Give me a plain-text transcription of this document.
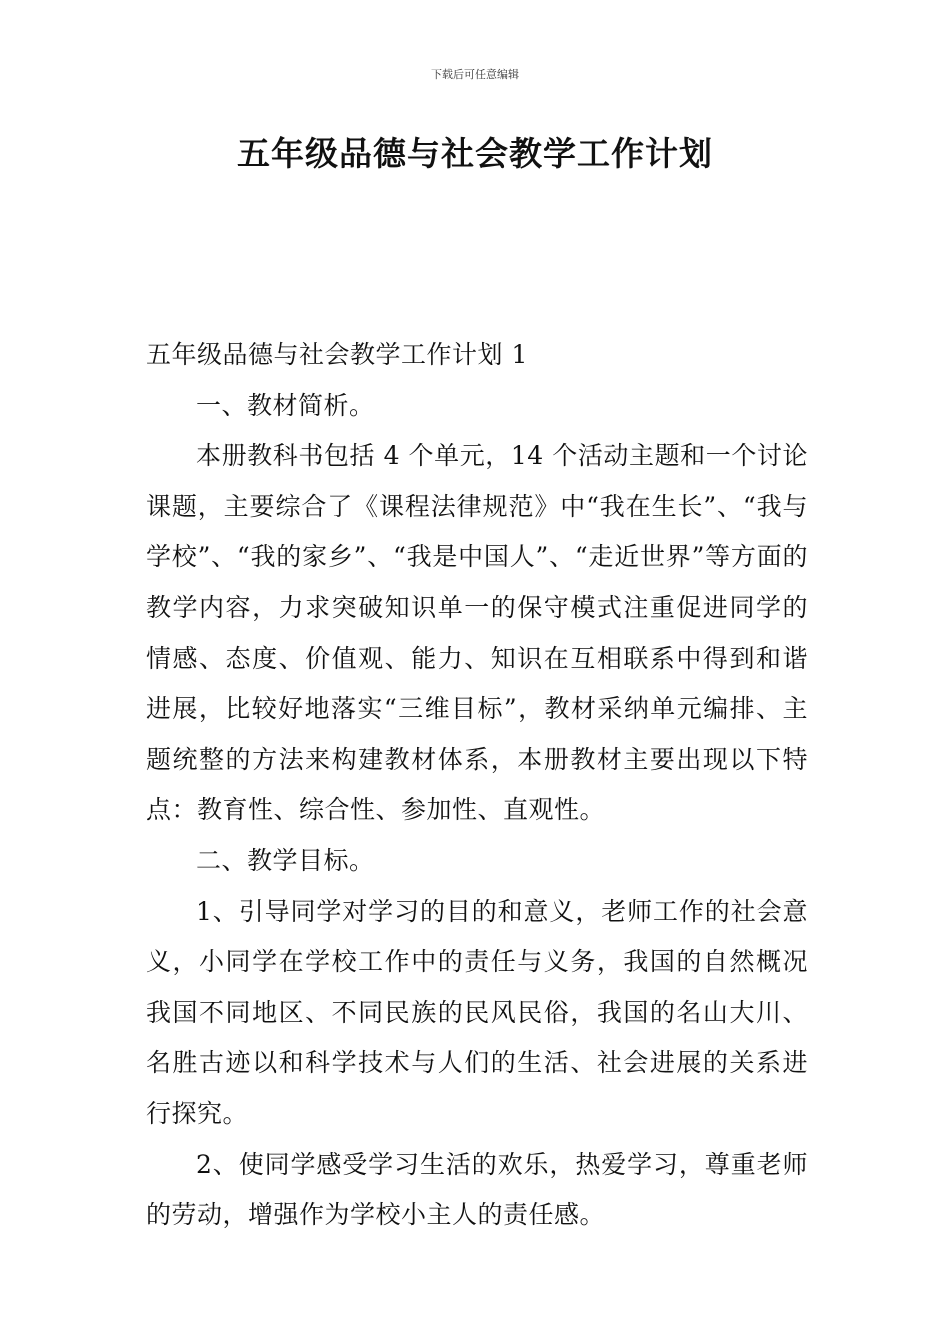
下载后可任意编辑
五年级品德与社会教学工作计划

五年级品德与社会教学工作计划 1

一、教材简析。

本册教科书包括 4 个单元，14 个活动主题和一个讨论课题，主要综合了《课程法律规范》中“我在生长”、“我与学校”、“我的家乡”、“我是中国人”、“走近世界”等方面的教学内容，力求突破知识单一的保守模式注重促进同学的情感、态度、价值观、能力、知识在互相联系中得到和谐进展，比较好地落实“三维目标”，教材采纳单元编排、主题统整的方法来构建教材体系，本册教材主要出现以下特点：教育性、综合性、参加性、直观性。

二、教学目标。

1、引导同学对学习的目的和意义，老师工作的社会意义，小同学在学校工作中的责任与义务，我国的自然概况我国不同地区、不同民族的民风民俗，我国的名山大川、名胜古迹以和科学技术与人们的生活、社会进展的关系进行探究。

2、使同学感受学习生活的欢乐，热爱学习，尊重老师的劳动，增强作为学校小主人的责任感。
